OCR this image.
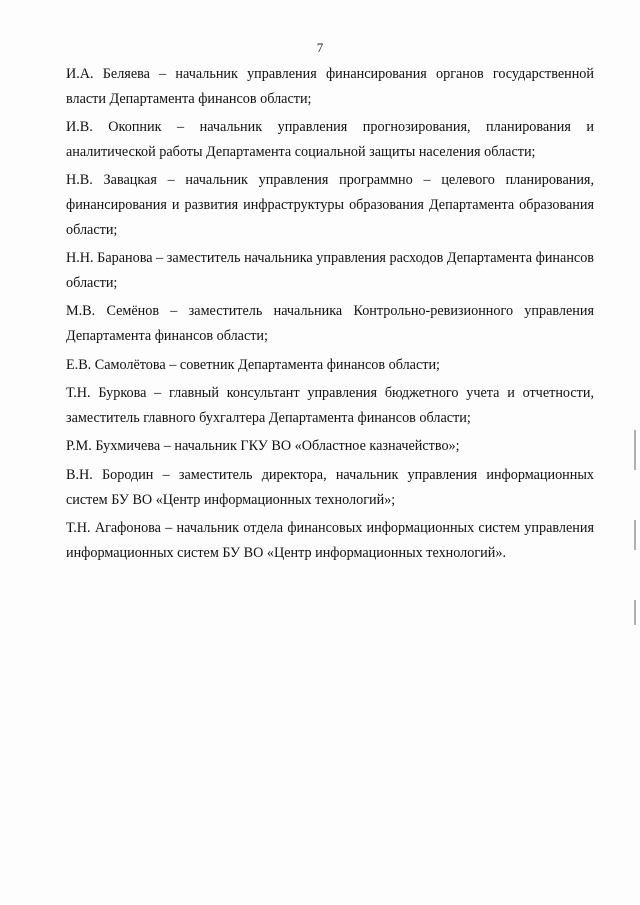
7

И.А. Беляева – начальник управления финансирования органов государственной власти Департамента финансов области;

И.В. Окопник – начальник управления прогнозирования, планирования и аналитической работы Департамента социальной защиты населения области;

Н.В. Завацкая – начальник управления программно – целевого планирования, финансирования и развития инфраструктуры образования Департамента образования области;

Н.Н. Баранова – заместитель начальника управления расходов Департамента финансов области;

М.В. Семёнов – заместитель начальника Контрольно-ревизионного управления Департамента финансов области;

Е.В. Самолётова – советник Департамента финансов области;

Т.Н. Буркова – главный консультант управления бюджетного учета и отчетности, заместитель главного бухгалтера Департамента финансов области;

Р.М. Бухмичева – начальник ГКУ ВО «Областное казначейство»;

В.Н. Бородин – заместитель директора, начальник управления информационных систем БУ ВО «Центр информационных технологий»;

Т.Н. Агафонова – начальник отдела финансовых информационных систем управления информационных систем БУ ВО «Центр информационных технологий».
